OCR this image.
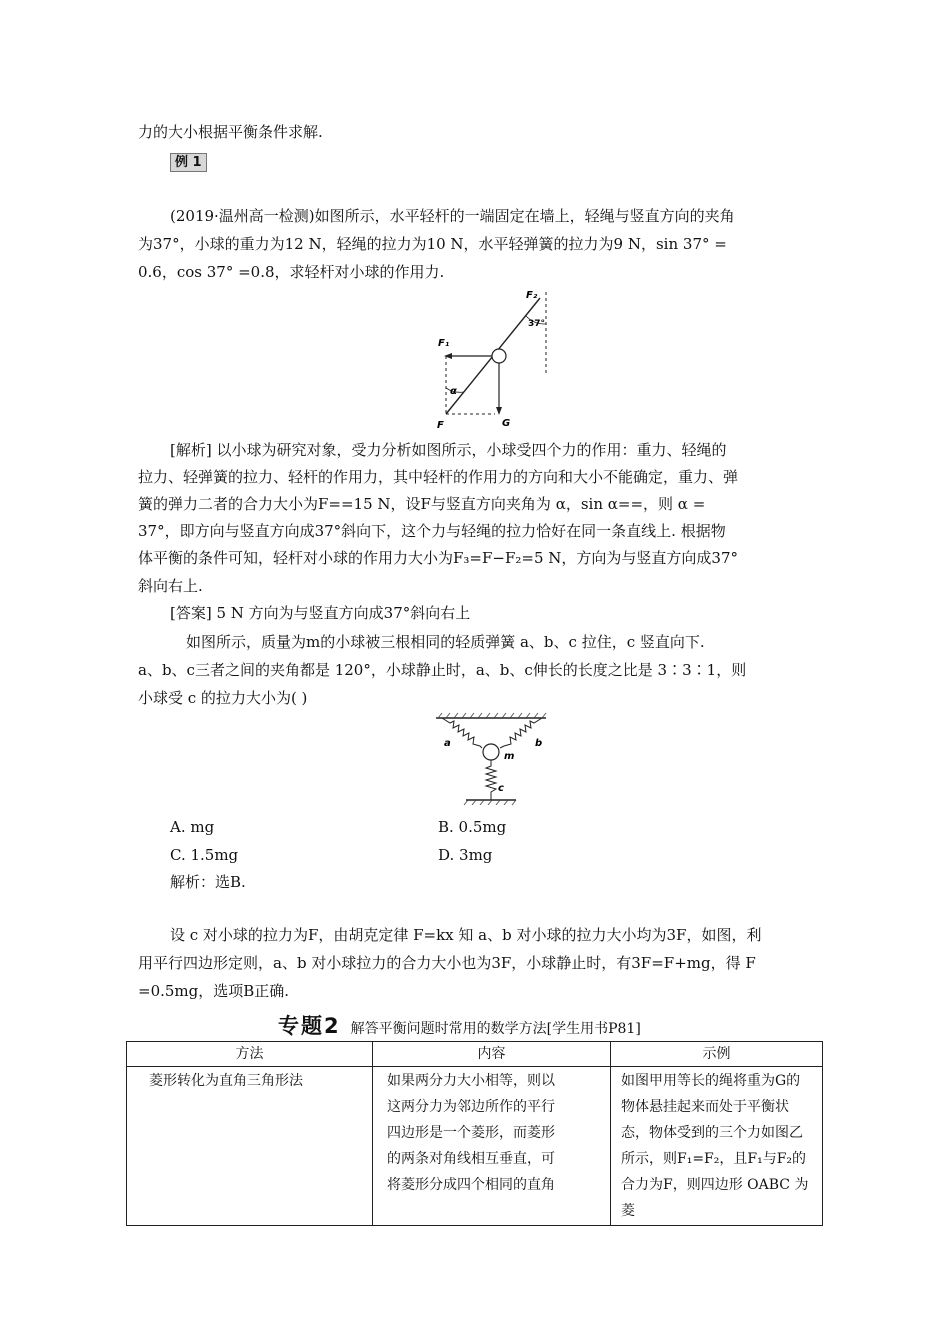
力的大小根据平衡条件求解.
例 1
(2019·温州高一检测)如图所示，水平轻杆的一端固定在墙上，轻绳与竖直方向的夹角
为37°，小球的重力为12 N，轻绳的拉力为10 N，水平轻弹簧的拉力为9 N，sin 37° =
0.6，cos 37° =0.8，求轻杆对小球的作用力.
F₂
37°
F₁
α
F	G
[解析] 以小球为研究对象，受力分析如图所示，小球受四个力的作用：重力、轻绳的
拉力、轻弹簧的拉力、轻杆的作用力，其中轻杆的作用力的方向和大小不能确定，重力、弹
簧的弹力二者的合力大小为F==15 N，设F与竖直方向夹角为 α，sin α==，则 α =
37°，即方向与竖直方向成37°斜向下，这个力与轻绳的拉力恰好在同一条直线上. 根据物
体平衡的条件可知，轻杆对小球的作用力大小为F₃=F−F₂=5 N，方向为与竖直方向成37°
斜向右上.
[答案] 5 N 方向为与竖直方向成37°斜向右上
如图所示，质量为m的小球被三根相同的轻质弹簧 a、b、c 拉住，c 竖直向下.
a、b、c三者之间的夹角都是 120°，小球静止时，a、b、c伸长的长度之比是 3∶3∶1，则
小球受 c 的拉力大小为( )
a	b
m
c
A. mg	B. 0.5mg
C. 1.5mg	D. 3mg
解析：选B.
设 c 对小球的拉力为F，由胡克定律 F=kx 知 a、b 对小球的拉力大小均为3F，如图，利
用平行四边形定则，a、b 对小球拉力的合力大小也为3F，小球静止时，有3F=F+mg，得 F
=0.5mg，选项B正确.
专题2 解答平衡问题时常用的数学方法[学生用书P81]
方法	内容	示例
菱形转化为直角三角形法	如果两分力大小相等，则以
这两分力为邻边所作的平行
四边形是一个菱形，而菱形
的两条对角线相互垂直，可
将菱形分成四个相同的直角	如图甲用等长的绳将重为G的
物体悬挂起来而处于平衡状
态，物体受到的三个力如图乙
所示，则F₁=F₂，且F₁与F₂的
合力为F，则四边形 OABC 为菱
